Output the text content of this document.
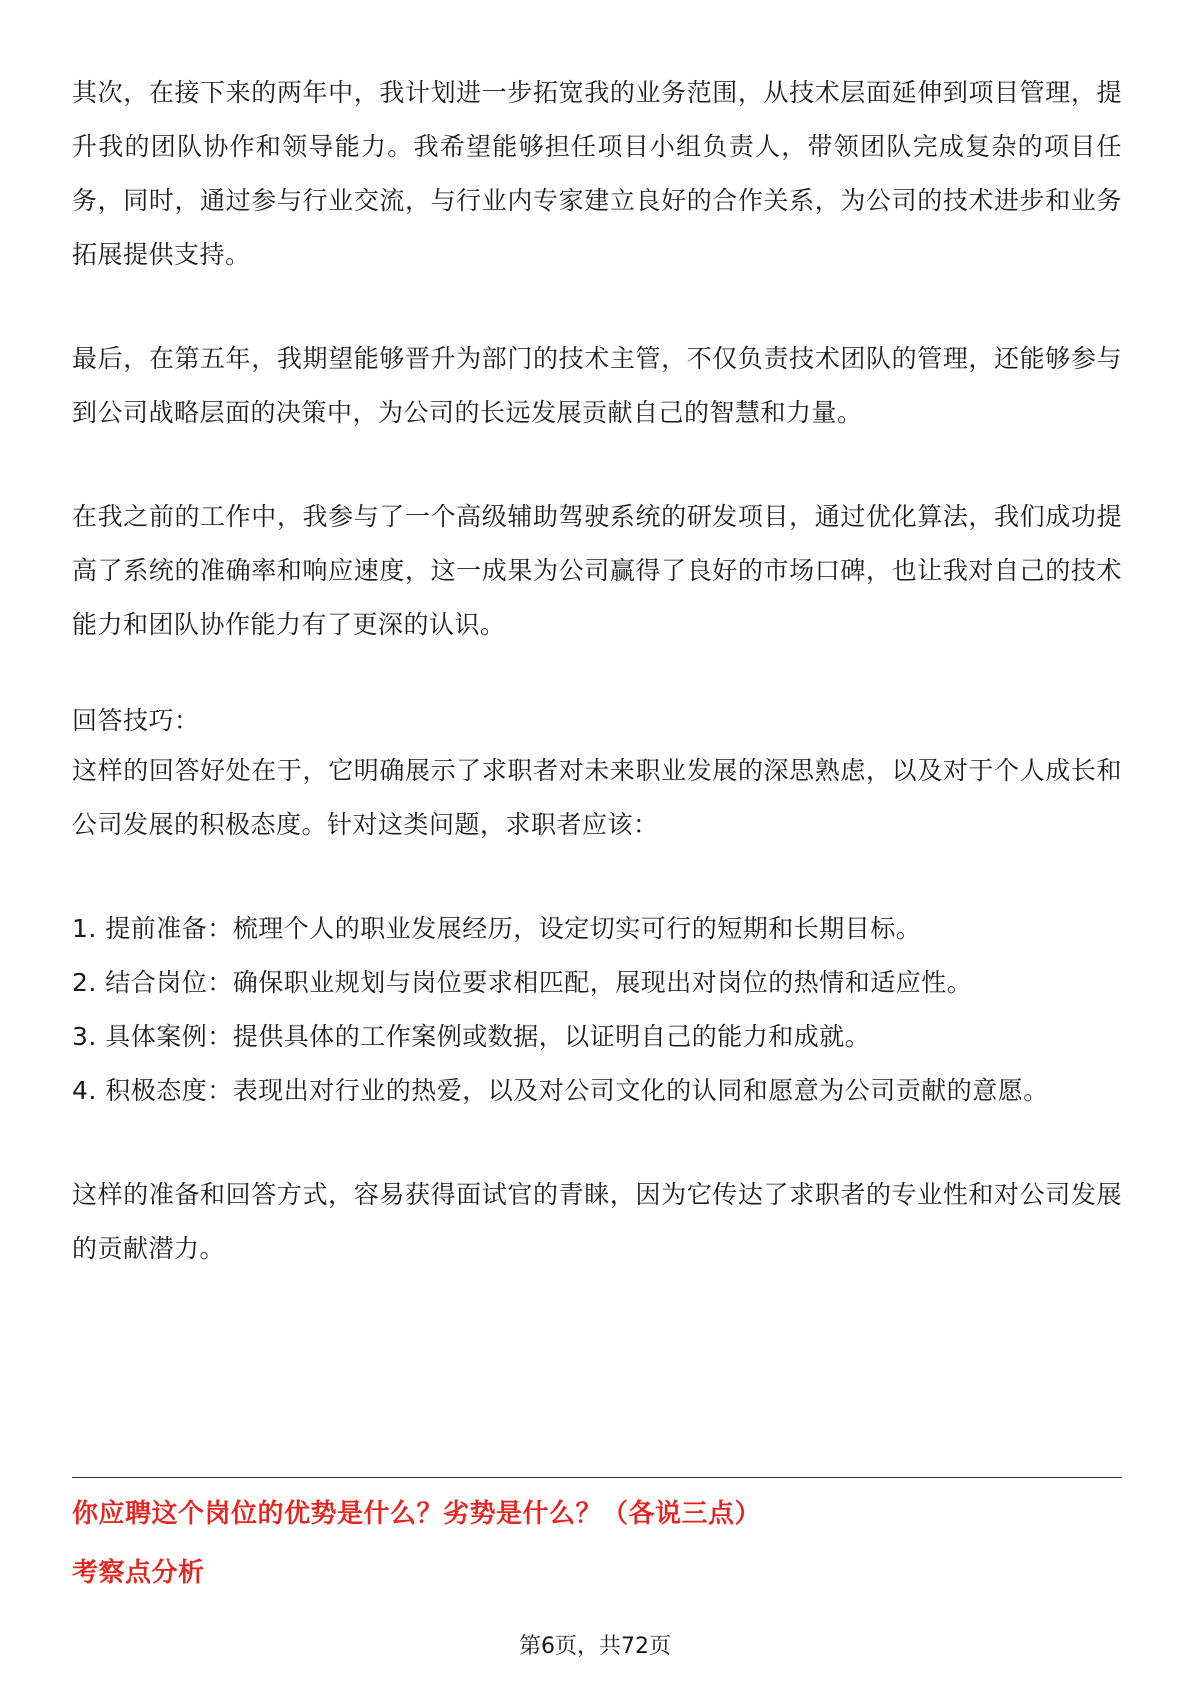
其次，在接下来的两年中，我计划进一步拓宽我的业务范围，从技术层面延伸到项目管理，提升我的团队协作和领导能力。我希望能够担任项目小组负责人，带领团队完成复杂的项目任务，同时，通过参与行业交流，与行业内专家建立良好的合作关系，为公司的技术进步和业务拓展提供支持。

最后，在第五年，我期望能够晋升为部门的技术主管，不仅负责技术团队的管理，还能够参与到公司战略层面的决策中，为公司的长远发展贡献自己的智慧和力量。

在我之前的工作中，我参与了一个高级辅助驾驶系统的研发项目，通过优化算法，我们成功提高了系统的准确率和响应速度，这一成果为公司赢得了良好的市场口碑，也让我对自己的技术能力和团队协作能力有了更深的认识。

回答技巧：

这样的回答好处在于，它明确展示了求职者对未来职业发展的深思熟虑，以及对于个人成长和公司发展的积极态度。针对这类问题，求职者应该：

1. 提前准备：梳理个人的职业发展经历，设定切实可行的短期和长期目标。

2. 结合岗位：确保职业规划与岗位要求相匹配，展现出对岗位的热情和适应性。

3. 具体案例：提供具体的工作案例或数据，以证明自己的能力和成就。

4. 积极态度：表现出对行业的热爱，以及对公司文化的认同和愿意为公司贡献的意愿。

这样的准备和回答方式，容易获得面试官的青睐，因为它传达了求职者的专业性和对公司发展的贡献潜力。

你应聘这个岗位的优势是什么？劣势是什么？（各说三点）
考察点分析
第6页，共72页
